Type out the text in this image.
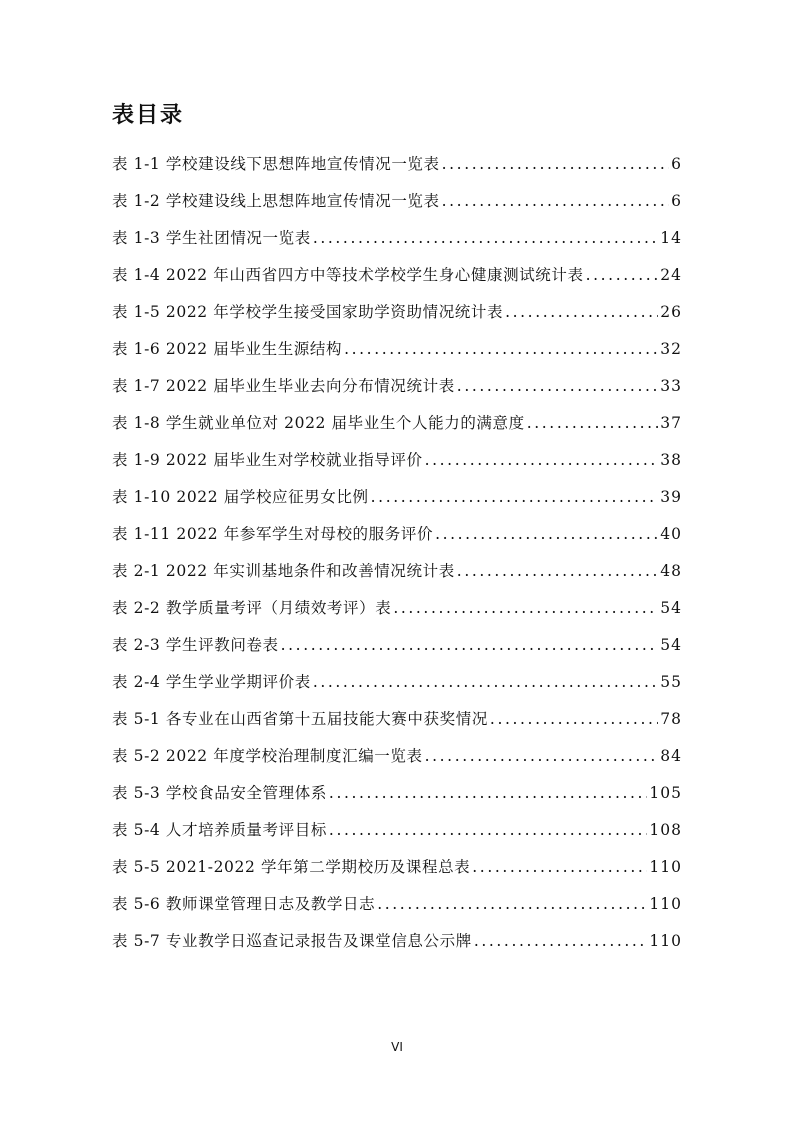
表目录
表 1-1 学校建设线下思想阵地宣传情况一览表 .....	6
表 1-2 学校建设线上思想阵地宣传情况一览表 .....	6
表 1-3 学生社团情况一览表 .....	14
表 1-4 2022 年山西省四方中等技术学校学生身心健康测试统计表 .....	24
表 1-5 2022 年学校学生接受国家助学资助情况统计表 .....	26
表 1-6 2022 届毕业生生源结构 .....	32
表 1-7 2022 届毕业生毕业去向分布情况统计表 .....	33
表 1-8 学生就业单位对 2022 届毕业生个人能力的满意度 .....	37
表 1-9 2022 届毕业生对学校就业指导评价 .....	38
表 1-10 2022 届学校应征男女比例 .....	39
表 1-11 2022 年参军学生对母校的服务评价 .....	40
表 2-1 2022 年实训基地条件和改善情况统计表 .....	48
表 2-2 教学质量考评（月绩效考评）表 .....	54
表 2-3 学生评教问卷表 .....	54
表 2-4 学生学业学期评价表 .....	55
表 5-1 各专业在山西省第十五届技能大赛中获奖情况 .....	78
表 5-2 2022 年度学校治理制度汇编一览表 .....	84
表 5-3 学校食品安全管理体系 .....	105
表 5-4 人才培养质量考评目标 .....	108
表 5-5 2021-2022 学年第二学期校历及课程总表 .....	110
表 5-6 教师课堂管理日志及教学日志 .....	110
表 5-7 专业教学日巡查记录报告及课堂信息公示牌 .....	110
VI
